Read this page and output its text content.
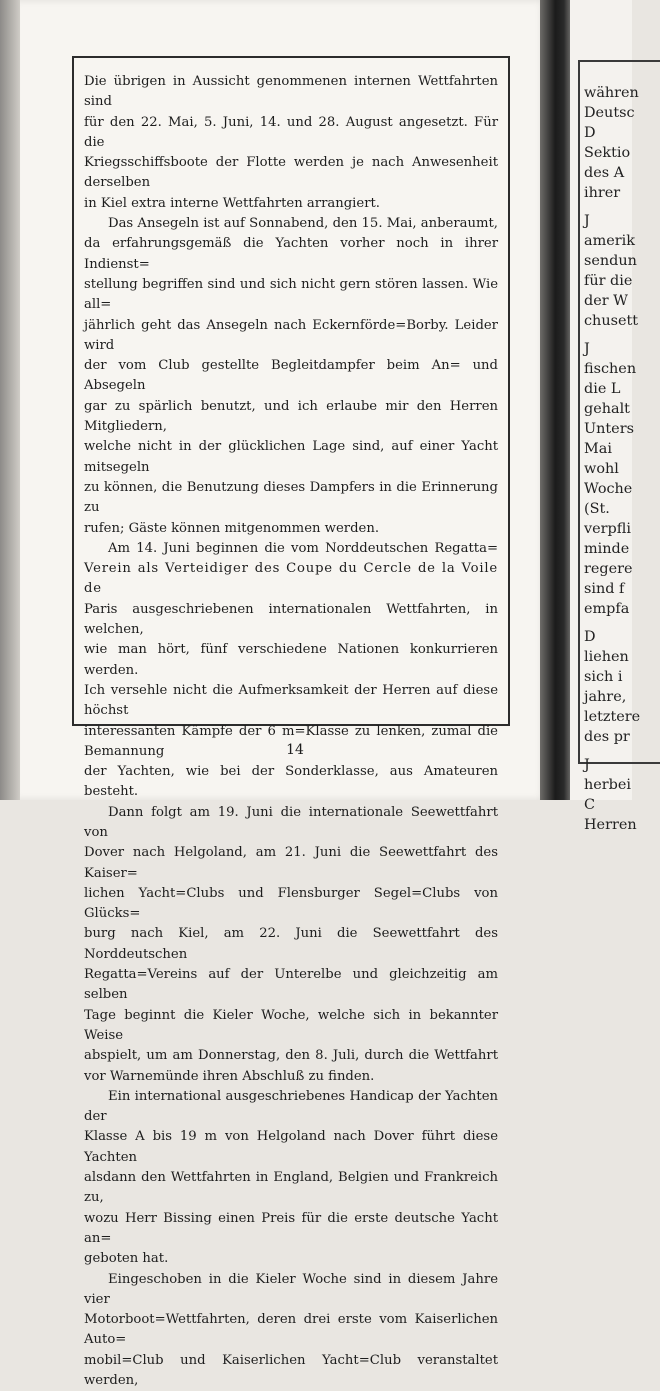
Die übrigen in Aussicht genommenen internen Wettfahrten sind
für den 22. Mai, 5. Juni, 14. und 28. August angesetzt. Für die
Kriegsschiffsboote der Flotte werden je nach Anwesenheit derselben
in Kiel extra interne Wettfahrten arrangiert.
Das Ansegeln ist auf Sonnabend, den 15. Mai, anberaumt,
da erfahrungsgemäß die Yachten vorher noch in ihrer Indienst=
stellung begriffen sind und sich nicht gern stören lassen. Wie all=
jährlich geht das Ansegeln nach Eckernförde=Borby. Leider wird
der vom Club gestellte Begleitdampfer beim An= und Absegeln
gar zu spärlich benutzt, und ich erlaube mir den Herren Mitgliedern,
welche nicht in der glücklichen Lage sind, auf einer Yacht mitsegeln
zu können, die Benutzung dieses Dampfers in die Erinnerung zu
rufen; Gäste können mitgenommen werden.
Am 14. Juni beginnen die vom Norddeutschen Regatta=
Verein als Verteidiger des Coupe du Cercle de la Voile de
Paris ausgeschriebenen internationalen Wettfahrten, in welchen,
wie man hört, fünf verschiedene Nationen konkurrieren werden.
Ich versehle nicht die Aufmerksamkeit der Herren auf diese höchst
interessanten Kämpfe der 6 m=Klasse zu lenken, zumal die Bemannung
der Yachten, wie bei der Sonderklasse, aus Amateuren besteht.
Dann folgt am 19. Juni die internationale Seewettfahrt von
Dover nach Helgoland, am 21. Juni die Seewettfahrt des Kaiser=
lichen Yacht=Clubs und Flensburger Segel=Clubs von Glücks=
burg nach Kiel, am 22. Juni die Seewettfahrt des Norddeutschen
Regatta=Vereins auf der Unterelbe und gleichzeitig am selben
Tage beginnt die Kieler Woche, welche sich in bekannter Weise
abspielt, um am Donnerstag, den 8. Juli, durch die Wettfahrt
vor Warnemünde ihren Abschluß zu finden.
Ein international ausgeschriebenes Handicap der Yachten der
Klasse A bis 19 m von Helgoland nach Dover führt diese Yachten
alsdann den Wettfahrten in England, Belgien und Frankreich zu,
wozu Herr Bissing einen Preis für die erste deutsche Yacht an=
geboten hat.
Eingeschoben in die Kieler Woche sind in diesem Jahre vier
Motorboot=Wettfahrten, deren drei erste vom Kaiserlichen Auto=
mobil=Club und Kaiserlichen Yacht=Club veranstaltet werden,
14
währen
Deutsc
D
Sektio
des A
ihrer
J
amerik
sendun
für die
der W
chusett
J
fischen
die L
gehalt
Unters
Mai
wohl
Woche
(St.
verpfli
minde
regere
sind f
empfa
D
liehen
sich i
jahre,
letztere
des pr
J
herbei
C
Herren
